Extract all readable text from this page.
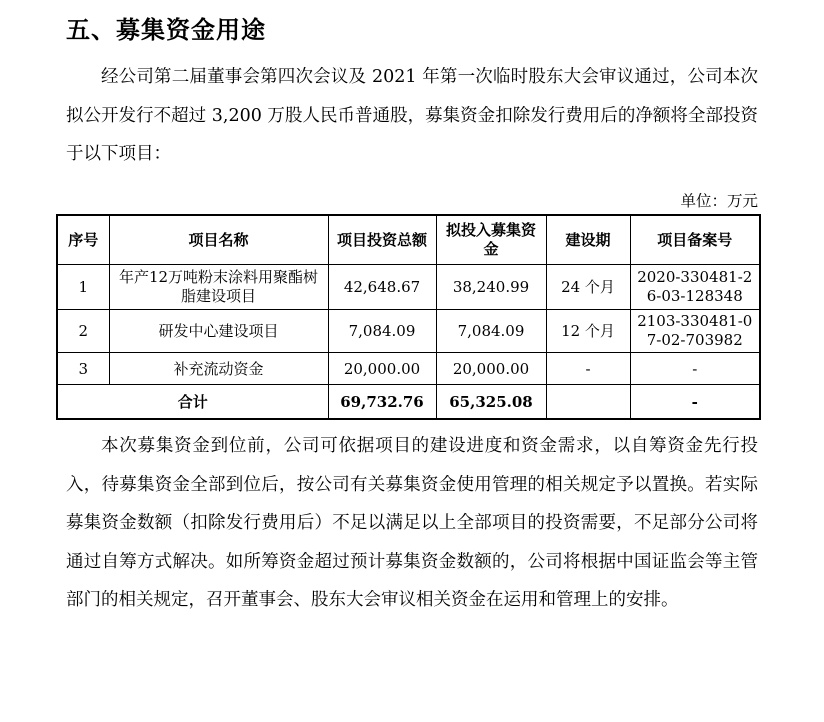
五、募集资金用途

经公司第二届董事会第四次会议及 2021 年第一次临时股东大会审议通过，公司本次拟公开发行不超过 3,200 万股人民币普通股，募集资金扣除发行费用后的净额将全部投资于以下项目：

单位：万元
序号	项目名称	项目投资总额	拟投入募集资金	建设期	项目备案号
1	年产12万吨粉末涂料用聚酯树脂建设项目	42,648.67	38,240.99	24 个月	2020-330481-26-03-128348
2	研发中心建设项目	7,084.09	7,084.09	12 个月	2103-330481-07-02-703982
3	补充流动资金	20,000.00	20,000.00	-	-
合计		69,732.76	65,325.08		-

本次募集资金到位前，公司可依据项目的建设进度和资金需求，以自筹资金先行投入，待募集资金全部到位后，按公司有关募集资金使用管理的相关规定予以置换。若实际募集资金数额（扣除发行费用后）不足以满足以上全部项目的投资需要，不足部分公司将通过自筹方式解决。如所筹资金超过预计募集资金数额的，公司将根据中国证监会等主管部门的相关规定，召开董事会、股东大会审议相关资金在运用和管理上的安排。
